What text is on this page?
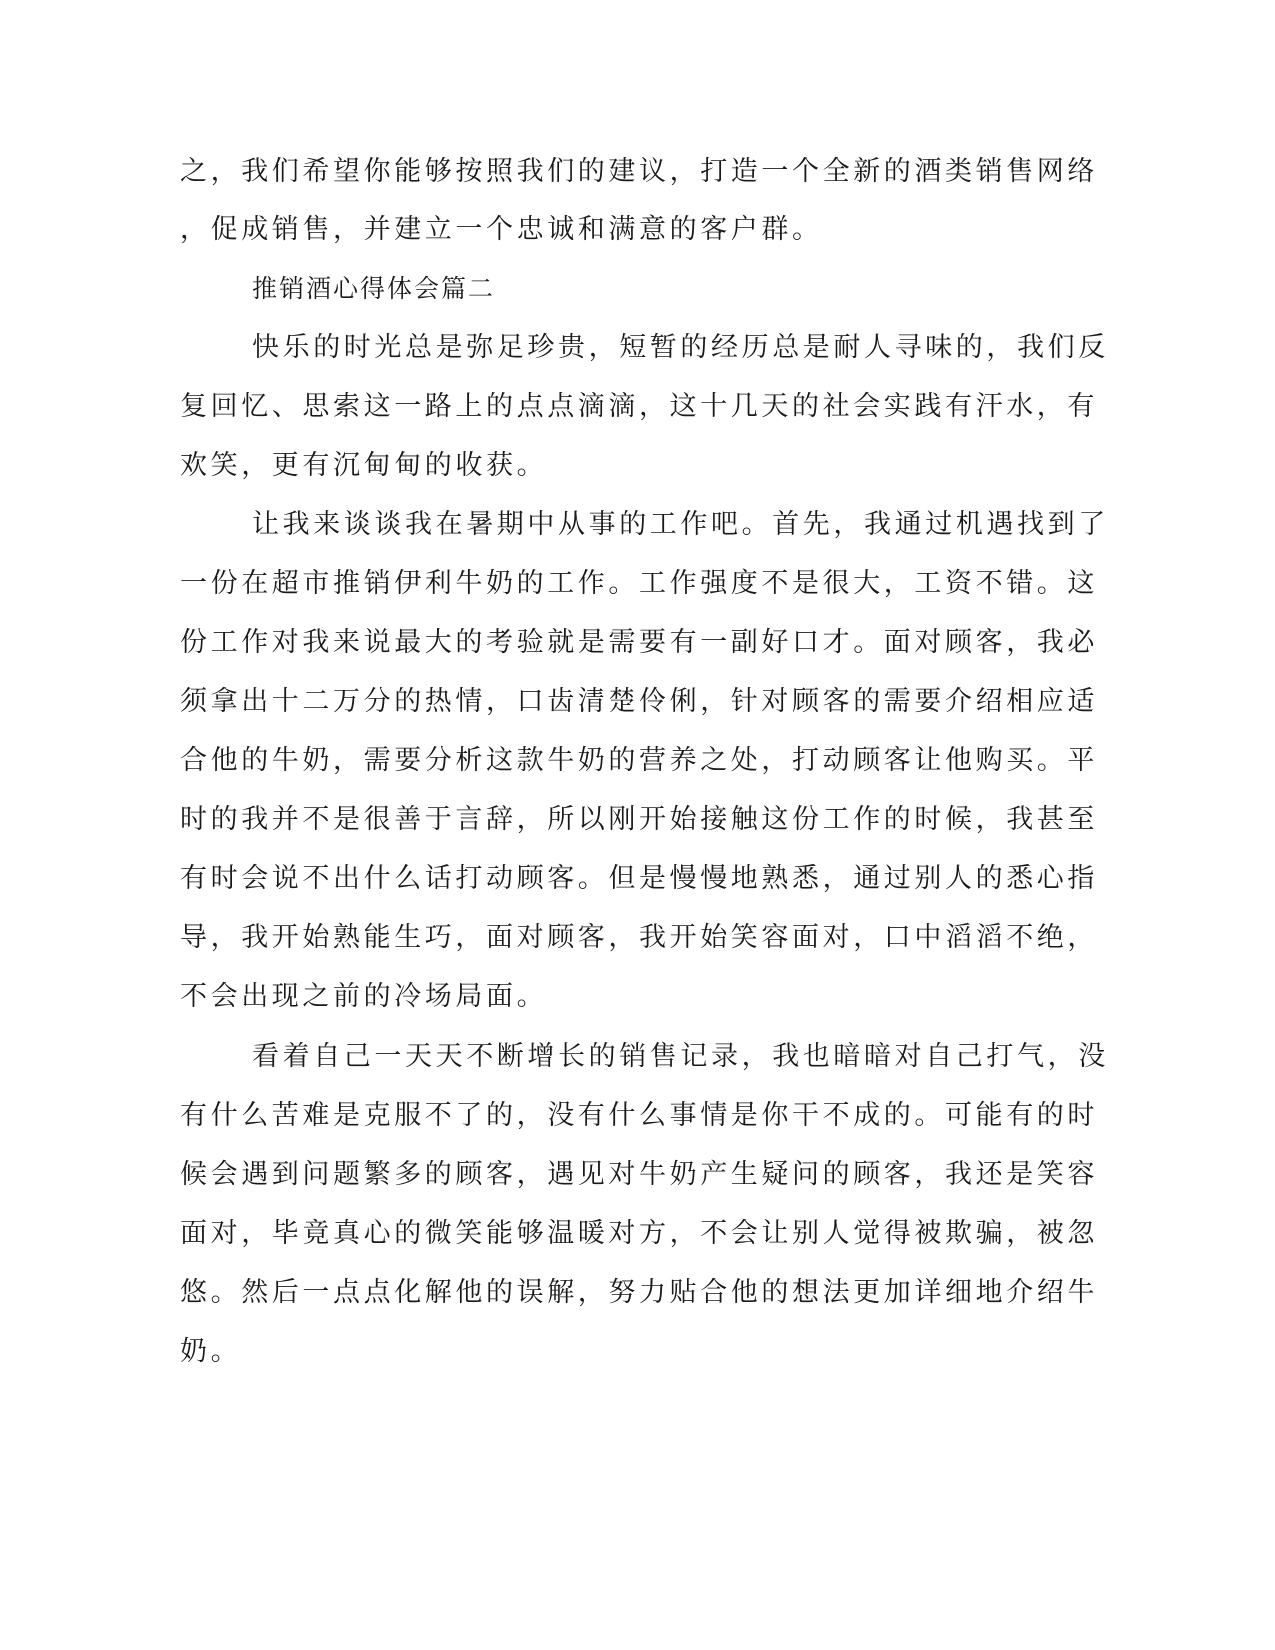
之，我们希望你能够按照我们的建议，打造一个全新的酒类销售网络
，促成销售，并建立一个忠诚和满意的客户群。
推销酒心得体会篇二
快乐的时光总是弥足珍贵，短暂的经历总是耐人寻味的，我们反
复回忆、思索这一路上的点点滴滴，这十几天的社会实践有汗水，有
欢笑，更有沉甸甸的收获。
让我来谈谈我在暑期中从事的工作吧。首先，我通过机遇找到了
一份在超市推销伊利牛奶的工作。工作强度不是很大，工资不错。这
份工作对我来说最大的考验就是需要有一副好口才。面对顾客，我必
须拿出十二万分的热情，口齿清楚伶俐，针对顾客的需要介绍相应适
合他的牛奶，需要分析这款牛奶的营养之处，打动顾客让他购买。平
时的我并不是很善于言辞，所以刚开始接触这份工作的时候，我甚至
有时会说不出什么话打动顾客。但是慢慢地熟悉，通过别人的悉心指
导，我开始熟能生巧，面对顾客，我开始笑容面对，口中滔滔不绝，
不会出现之前的冷场局面。
看着自己一天天不断增长的销售记录，我也暗暗对自己打气，没
有什么苦难是克服不了的，没有什么事情是你干不成的。可能有的时
候会遇到问题繁多的顾客，遇见对牛奶产生疑问的顾客，我还是笑容
面对，毕竟真心的微笑能够温暖对方，不会让别人觉得被欺骗，被忽
悠。然后一点点化解他的误解，努力贴合他的想法更加详细地介绍牛
奶。
